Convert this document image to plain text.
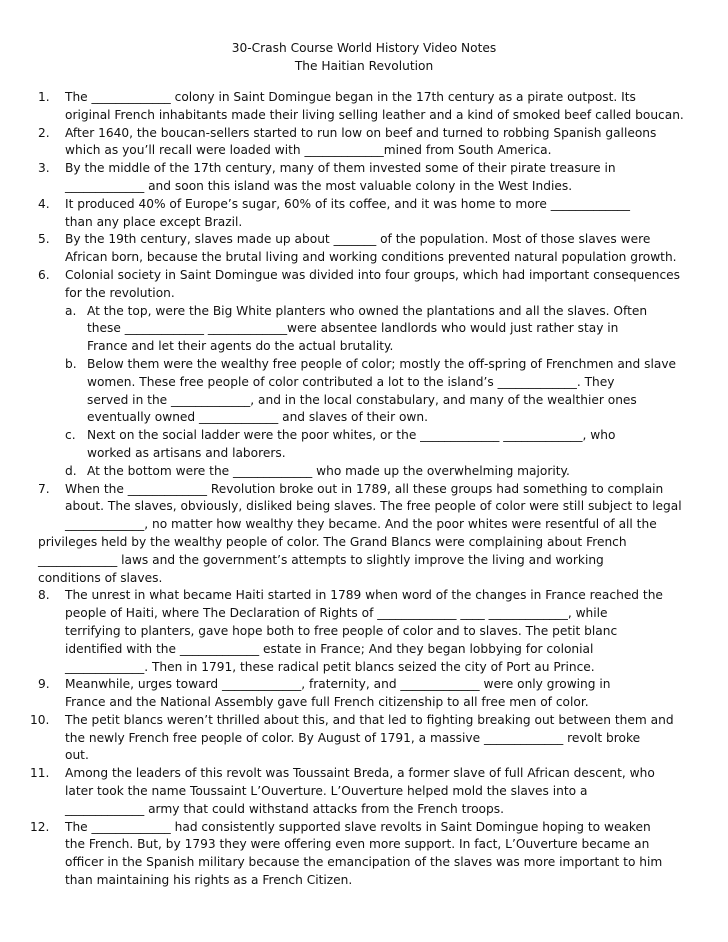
30-Crash Course World History Video Notes
The Haitian Revolution
1.	The _____________ colony in Saint Domingue began in the 17th century as a pirate outpost. Its
original French inhabitants made their living selling leather and a kind of smoked beef called boucan.
2.	After 1640, the boucan-sellers started to run low on beef and turned to robbing Spanish galleons
which as you’ll recall were loaded with _____________mined from South America.
3.	By the middle of the 17th century, many of them invested some of their pirate treasure in
_____________ and soon this island was the most valuable colony in the West Indies.
4.	It produced 40% of Europe’s sugar, 60% of its coffee, and it was home to more _____________
than any place except Brazil.
5.	By the 19th century, slaves made up about _______ of the population. Most of those slaves were
African born, because the brutal living and working conditions prevented natural population growth.
6.	Colonial society in Saint Domingue was divided into four groups, which had important consequences
for the revolution.
a. At the top, were the Big White planters who owned the plantations and all the slaves. Often
these _____________ _____________were absentee landlords who would just rather stay in
France and let their agents do the actual brutality.
b. Below them were the wealthy free people of color; mostly the off-spring of Frenchmen and slave
women. These free people of color contributed a lot to the island’s _____________. They
served in the _____________, and in the local constabulary, and many of the wealthier ones
eventually owned _____________ and slaves of their own.
c. Next on the social ladder were the poor whites, or the _____________ _____________, who
worked as artisans and laborers.
d. At the bottom were the _____________ who made up the overwhelming majority.
7.	When the _____________ Revolution broke out in 1789, all these groups had something to complain
about. The slaves, obviously, disliked being slaves. The free people of color were still subject to legal
_____________, no matter how wealthy they became. And the poor whites were resentful of all the
privileges held by the wealthy people of color. The Grand Blancs were complaining about French
_____________ laws and the government’s attempts to slightly improve the living and working
conditions of slaves.
8.	The unrest in what became Haiti started in 1789 when word of the changes in France reached the
people of Haiti, where The Declaration of Rights of _____________ ____ _____________, while
terrifying to planters, gave hope both to free people of color and to slaves. The petit blanc
identified with the _____________ estate in France; And they began lobbying for colonial
_____________. Then in 1791, these radical petit blancs seized the city of Port au Prince.
9.	Meanwhile, urges toward _____________, fraternity, and _____________ were only growing in
France and the National Assembly gave full French citizenship to all free men of color.
10.	The petit blancs weren’t thrilled about this, and that led to fighting breaking out between them and
the newly French free people of color. By August of 1791, a massive _____________ revolt broke
out.
11.	Among the leaders of this revolt was Toussaint Breda, a former slave of full African descent, who
later took the name Toussaint L’Ouverture. L’Ouverture helped mold the slaves into a
_____________ army that could withstand attacks from the French troops.
12.	The _____________ had consistently supported slave revolts in Saint Domingue hoping to weaken
the French. But, by 1793 they were offering even more support. In fact, L’Ouverture became an
officer in the Spanish military because the emancipation of the slaves was more important to him
than maintaining his rights as a French Citizen.
